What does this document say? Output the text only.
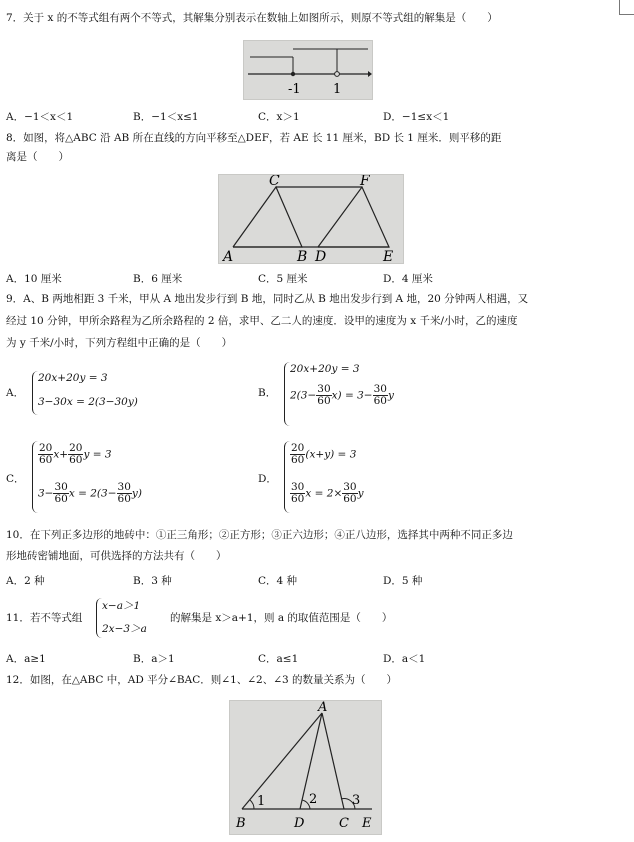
7．关于 x 的不等式组有两个不等式，其解集分别表示在数轴上如图所示，则原不等式组的解集是（　　）
-1 1
A．−1＜x＜1	B．−1＜x≤1	C．x＞1	D．−1≤x＜1
8．如图，将△ABC 沿 AB 所在直线的方向平移至△DEF，若 AE 长 11 厘米，BD 长 1 厘米．则平移的距
离是（　　）
C	F
A	B D	E
A．10 厘米	B．6 厘米	C．5 厘米	D．4 厘米
9．A、B 两地相距 3 千米，甲从 A 地出发步行到 B 地，同时乙从 B 地出发步行到 A 地，20 分钟两人相遇，又
经过 10 分钟，甲所余路程为乙所余路程的 2 倍，求甲、乙二人的速度．设甲的速度为 x 千米/小时，乙的速度
为 y 千米/小时，下列方程组中正确的是（　　）
A．
20x+20y = 3
3−30x = 2(3−30y)
B．
20x+20y = 3
$2(3- \frac{30}{60} x) = 3- \frac{30}{60}$ y
C．
$\frac{20}{60} x+ \frac{20}{60}$ y = 3
$3- \frac{30}{60}$ $x = 2(3- \frac{30}{60} y)$
D．
$\frac{20}{60} (x+y) = 3$
$\frac{30}{60}$ $x = 2\times \frac{30}{60}$ y
10．在下列正多边形的地砖中：①正三角形；②正方形；③正六边形；④正八边形，选择其中两种不同正多边
形地砖密铺地面，可供选择的方法共有（　　）
A．2 种	B．3 种	C．4 种	D．5 种
11．若不等式组
x−a＞1
2x−3＞a
的解集是 x＞a+1，则 a 的取值范围是（　　）
A．a≥1	B．a＞1	C．a≤1	D．a＜1
12．如图，在△ABC 中，AD 平分∠BAC．则∠1、∠2、∠3 的数量关系为（　　）
A
1	2	3
B	D	C E
